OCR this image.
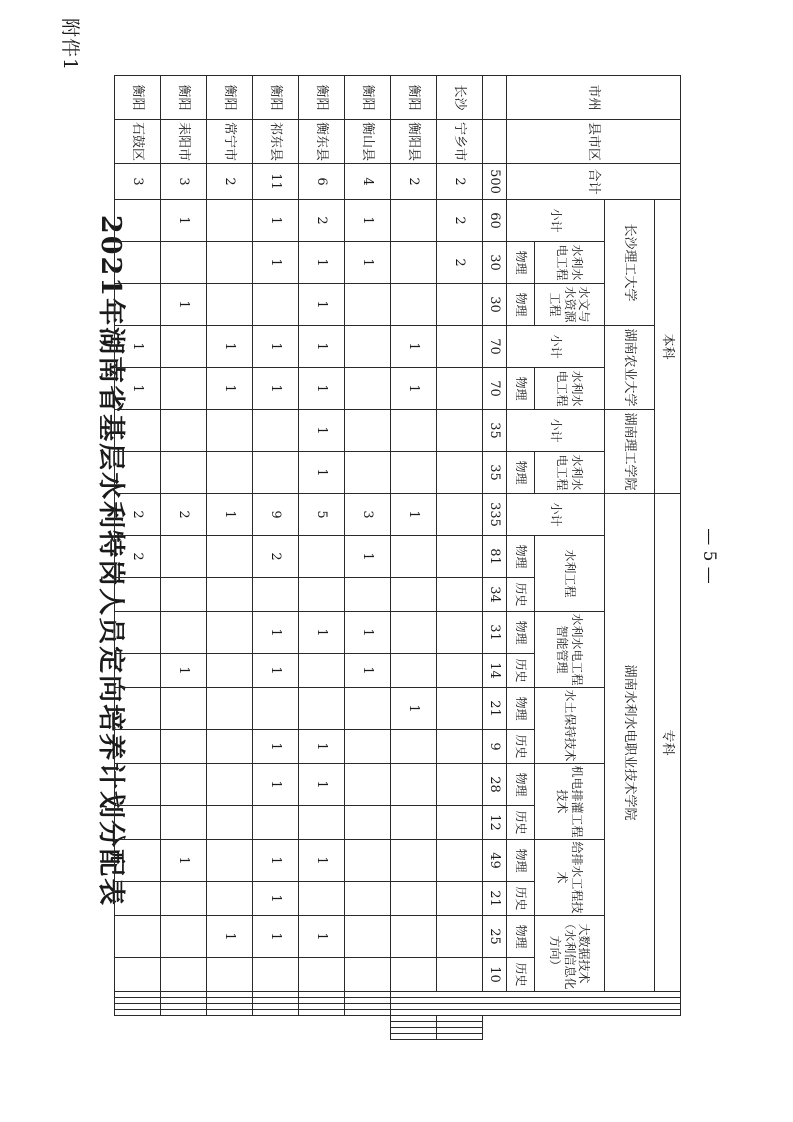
附件1
2021年湖南省基层水利特岗人员定向培养计划分配表
市州	县市区	合计	本科							专科																				
			长沙理工大学			湖南农业大学		湖南理工学院		湖南水利水电职业技术学院																				
			小计	水利水电工程	水文与水资源工程	小计	水利水电工程	小计	水利水电工程	小计	水利工程		水利水电工程智能管理		水土保持技术		机电排灌工程技术		给排水工程技术		大数据技术（水利信息化方向）									
				物理	物理		物理		物理		物理	历史	物理	历史	物理	历史	物理	历史	物理	历史	物理	历史								
		500	60	30	30	70	70	35	35	335	81	34	31	14	21	9	28	12	49	21	25	10								
长沙	宁乡市	2	2	2																										
衡阳	衡阳县	2				1	1			1					1															
衡阳	衡山县	4	1	1						3	1		1	1																
衡阳	衡东县	6	2	1	1	1	1	1	1	5			1			1	1		1		1									
衡阳	祁东县	11	1	1		1	1			9	2		1	1		1	1		1	1	1									
衡阳	常宁市	2				1	1			1											1									
衡阳	耒阳市	3	1		1					2				1					1											
衡阳	石鼓区	3				1	1			2	2																				— 5 —
